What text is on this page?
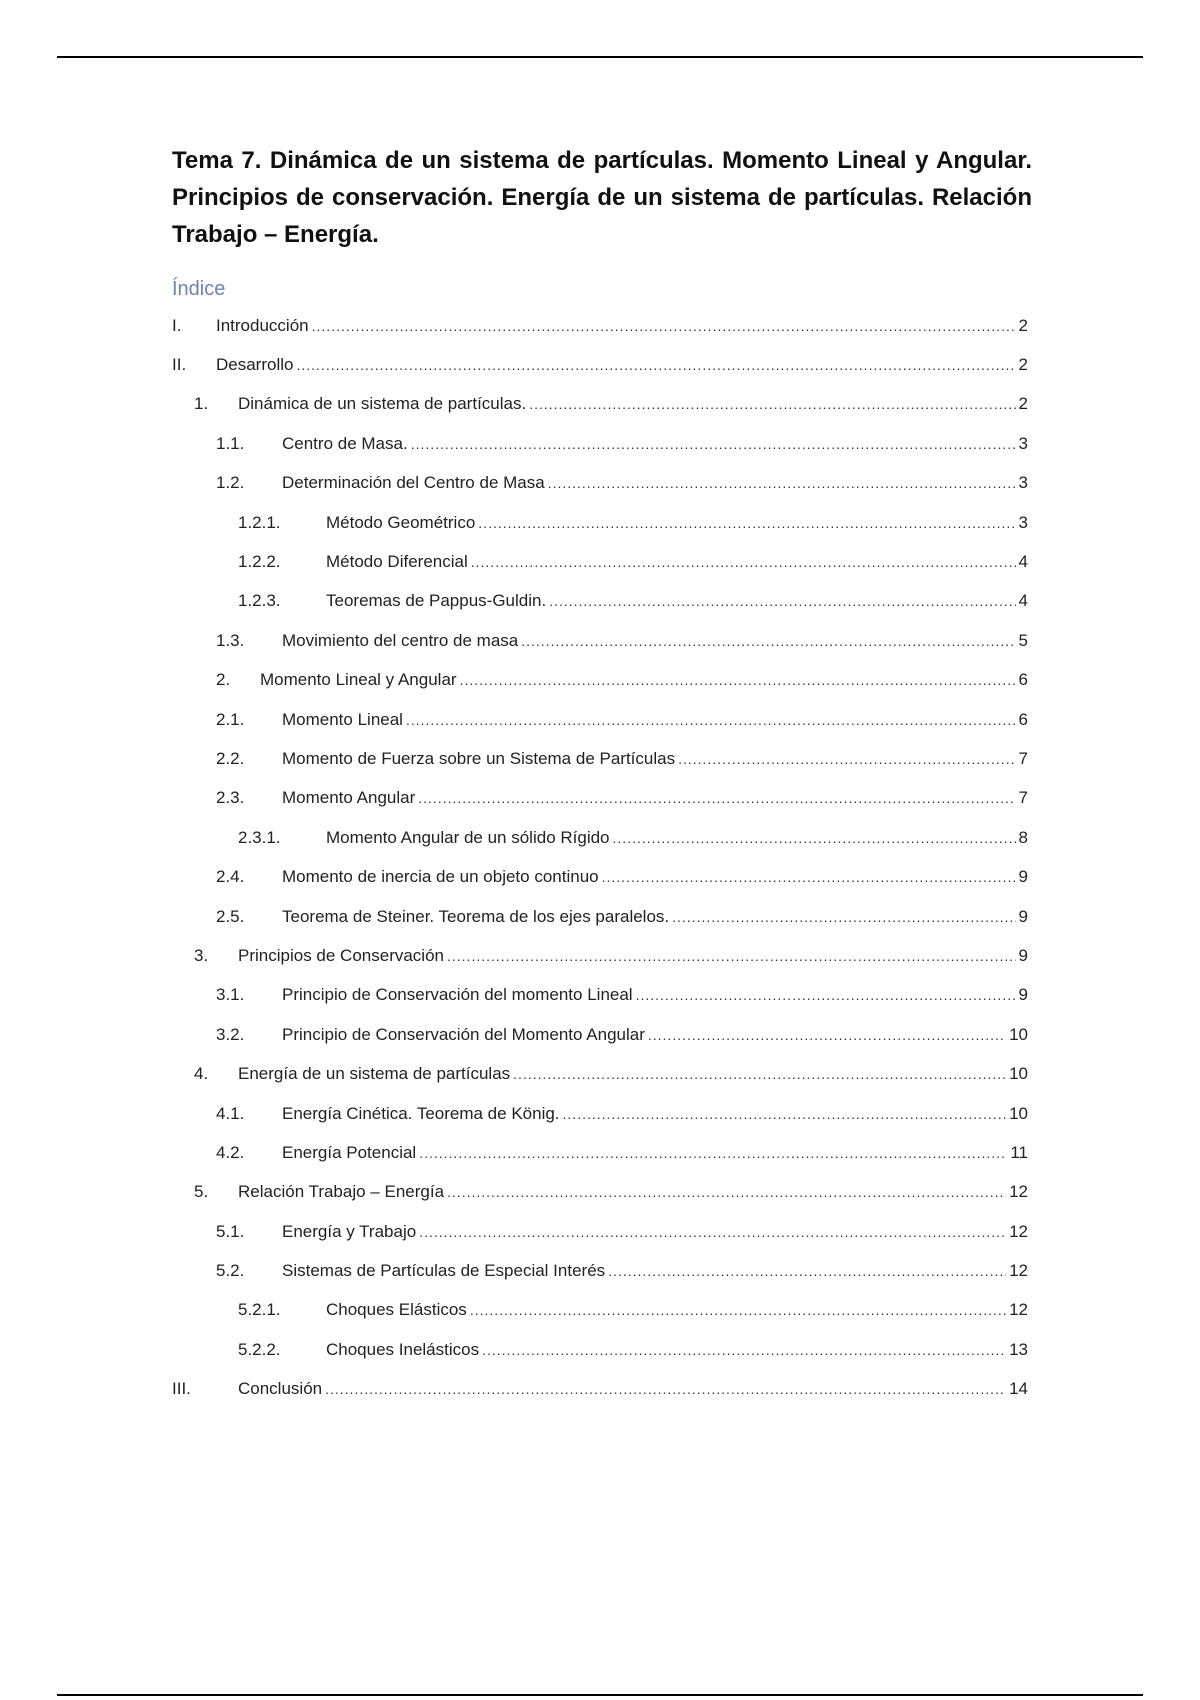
Tema 7. Dinámica de un sistema de partículas. Momento Lineal y Angular. Principios de conservación. Energía de un sistema de partículas. Relación Trabajo – Energía.
Índice
I. Introducción .....	2
II. Desarrollo .....	2
1. Dinámica de un sistema de partículas. .....	2
1.1. Centro de Masa. .....	3
1.2. Determinación del Centro de Masa .....	3
1.2.1.	Método Geométrico .....	3
1.2.2.	Método Diferencial .....	4
1.2.3.	Teoremas de Pappus-Guldin. .....	4
1.3. Movimiento del centro de masa .....	5
2. Momento Lineal y Angular .....	6
2.1. Momento Lineal .....	6
2.2. Momento de Fuerza sobre un Sistema de Partículas .....	7
2.3. Momento Angular .....	7
2.3.1.	Momento Angular de un sólido Rígido .....	8
2.4. Momento de inercia de un objeto continuo .....	9
2.5. Teorema de Steiner. Teorema de los ejes paralelos. .....	9
3. Principios de Conservación .....	9
3.1. Principio de Conservación del momento Lineal .....	9
3.2. Principio de Conservación del Momento Angular .....	10
4. Energía de un sistema de partículas .....	10
4.1. Energía Cinética. Teorema de König. .....	10
4.2. Energía Potencial .....	11
5. Relación Trabajo – Energía .....	12
5.1. Energía y Trabajo .....	12
5.2. Sistemas de Partículas de Especial Interés .....	12
5.2.1.	Choques Elásticos .....	12
5.2.2.	Choques Inelásticos .....	13
III.	Conclusión .....	14
